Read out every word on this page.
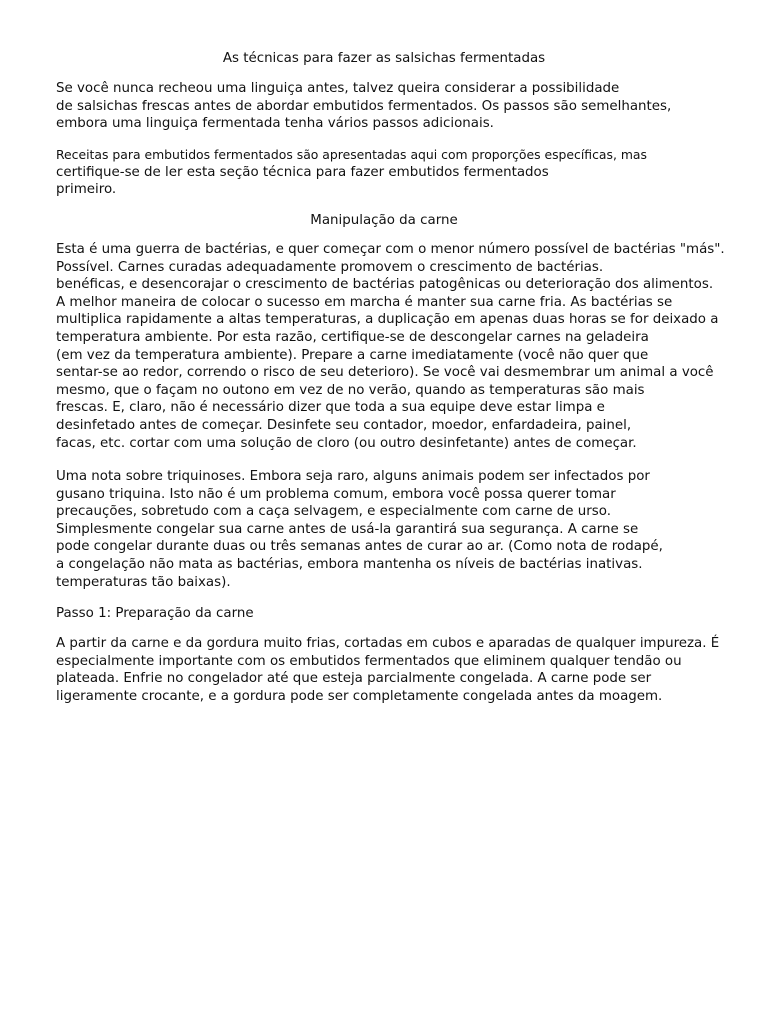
As técnicas para fazer as salsichas fermentadas
Se você nunca recheou uma linguiça antes, talvez queira considerar a possibilidade
de salsichas frescas antes de abordar embutidos fermentados. Os passos são semelhantes,
embora uma linguiça fermentada tenha vários passos adicionais.
Receitas para embutidos fermentados são apresentadas aqui com proporções específicas, mas
certifique-se de ler esta seção técnica para fazer embutidos fermentados
primeiro.
Manipulação da carne
Esta é uma guerra de bactérias, e quer começar com o menor número possível de bactérias "más".
Possível. Carnes curadas adequadamente promovem o crescimento de bactérias.
benéficas, e desencorajar o crescimento de bactérias patogênicas ou deterioração dos alimentos.
A melhor maneira de colocar o sucesso em marcha é manter sua carne fria. As bactérias se
multiplica rapidamente a altas temperaturas, a duplicação em apenas duas horas se for deixado a
temperatura ambiente. Por esta razão, certifique-se de descongelar carnes na geladeira
(em vez da temperatura ambiente). Prepare a carne imediatamente (você não quer que
sentar-se ao redor, correndo o risco de seu deterioro). Se você vai desmembrar um animal a você
mesmo, que o façam no outono em vez de no verão, quando as temperaturas são mais
frescas. E, claro, não é necessário dizer que toda a sua equipe deve estar limpa e
desinfetado antes de começar. Desinfete seu contador, moedor, enfardadeira, painel,
facas, etc. cortar com uma solução de cloro (ou outro desinfetante) antes de começar.
Uma nota sobre triquinoses. Embora seja raro, alguns animais podem ser infectados por
gusano triquina. Isto não é um problema comum, embora você possa querer tomar
precauções, sobretudo com a caça selvagem, e especialmente com carne de urso.
Simplesmente congelar sua carne antes de usá-la garantirá sua segurança. A carne se
pode congelar durante duas ou três semanas antes de curar ao ar. (Como nota de rodapé,
a congelação não mata as bactérias, embora mantenha os níveis de bactérias inativas.
temperaturas tão baixas).
Passo 1: Preparação da carne
A partir da carne e da gordura muito frias, cortadas em cubos e aparadas de qualquer impureza. É
especialmente importante com os embutidos fermentados que eliminem qualquer tendão ou
plateada. Enfrie no congelador até que esteja parcialmente congelada. A carne pode ser
ligeramente crocante, e a gordura pode ser completamente congelada antes da moagem.
